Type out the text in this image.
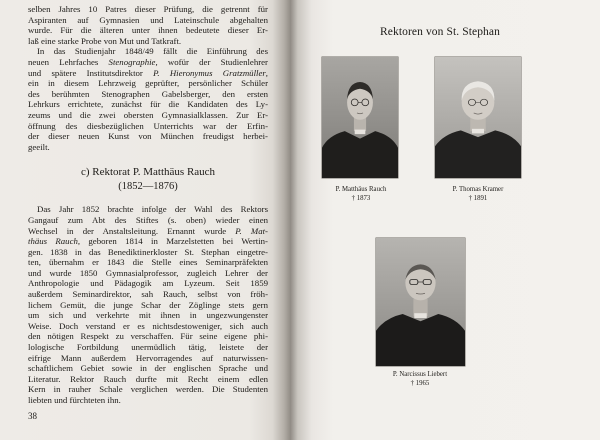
selben Jahres 10 Patres dieser Prüfung, die getrennt für
Aspiranten auf Gymnasien und Lateinschule abgehalten
wurde. Für die älteren unter ihnen bedeutete dieser Er-
laß eine starke Probe von Mut und Tatkraft.
In das Studienjahr 1848/49 fällt die Einführung des
neuen Lehrfaches Stenographie, wofür der Studienlehrer
und spätere Institutsdirektor P. Hieronymus Gratzmüller,
ein in diesem Lehrzweig geprüfter, persönlicher Schüler
des berühmten Stenographen Gabelsberger, den ersten
Lehrkurs errichtete, zunächst für die Kandidaten des Ly-
zeums und die zwei obersten Gymnasialklassen. Zur Er-
öffnung des diesbezüglichen Unterrichts war der Erfin-
der dieser neuen Kunst von München freudigst herbei-
geeilt.
c) Rektorat P. Matthäus Rauch
(1852—1876)
Das Jahr 1852 brachte infolge der Wahl des Rektors
Gangauf zum Abt des Stiftes (s. oben) wieder einen
Wechsel in der Anstaltsleitung. Ernannt wurde P. Mat-
thäus Rauch, geboren 1814 in Marzelstetten bei Wertin-
gen. 1838 in das Benediktinerkloster St. Stephan eingetre-
ten, übernahm er 1843 die Stelle eines Seminarpräfekten
und wurde 1850 Gymnasialprofessor, zugleich Lehrer der
Anthropologie und Pädagogik am Lyzeum. Seit 1859
außerdem Seminardirektor, sah Rauch, selbst von fröh-
lichem Gemüt, die junge Schar der Zöglinge stets gern
um sich und verkehrte mit ihnen in ungezwungenster
Weise. Doch verstand er es nichtsdestoweniger, sich auch
den nötigen Respekt zu verschaffen. Für seine eigene phi-
lologische Fortbildung unermüdlich tätig, leistete der
eifrige Mann außerdem Hervorragendes auf naturwissen-
schaftlichem Gebiet sowie in der englischen Sprache und
Literatur. Rektor Rauch durfte mit Recht einem edlen
Kern in rauher Schale verglichen werden. Die Studenten
liebten und fürchteten ihn.
38
Rektoren von St. Stephan
P. Matthäus Rauch
† 1873
P. Thomas Kramer
† 1891
P. Narcissus Liebert
† 1965
